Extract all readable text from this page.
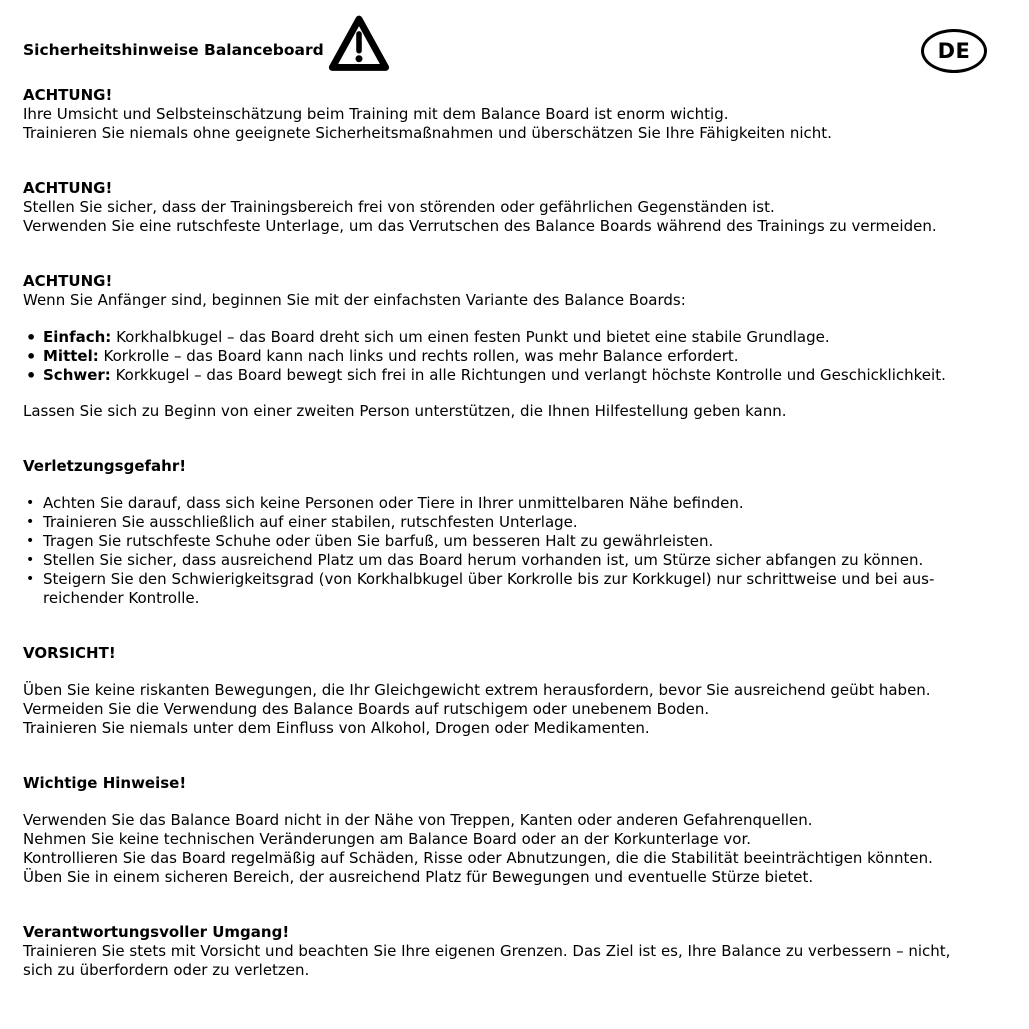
Sicherheitshinweise Balanceboard	DE
ACHTUNG!
Ihre Umsicht und Selbsteinschätzung beim Training mit dem Balance Board ist enorm wichtig.
Trainieren Sie niemals ohne geeignete Sicherheitsmaßnahmen und überschätzen Sie Ihre Fähigkeiten nicht.
ACHTUNG!
Stellen Sie sicher, dass der Trainingsbereich frei von störenden oder gefährlichen Gegenständen ist.
Verwenden Sie eine rutschfeste Unterlage, um das Verrutschen des Balance Boards während des Trainings zu vermeiden.
ACHTUNG!
Wenn Sie Anfänger sind, beginnen Sie mit der einfachsten Variante des Balance Boards:
• Einfach: Korkhalbkugel – das Board dreht sich um einen festen Punkt und bietet eine stabile Grundlage.
• Mittel: Korkrolle – das Board kann nach links und rechts rollen, was mehr Balance erfordert.
• Schwer: Korkkugel – das Board bewegt sich frei in alle Richtungen und verlangt höchste Kontrolle und Geschicklichkeit.
Lassen Sie sich zu Beginn von einer zweiten Person unterstützen, die Ihnen Hilfestellung geben kann.
Verletzungsgefahr!
• Achten Sie darauf, dass sich keine Personen oder Tiere in Ihrer unmittelbaren Nähe befinden.
• Trainieren Sie ausschließlich auf einer stabilen, rutschfesten Unterlage.
• Tragen Sie rutschfeste Schuhe oder üben Sie barfuß, um besseren Halt zu gewährleisten.
• Stellen Sie sicher, dass ausreichend Platz um das Board herum vorhanden ist, um Stürze sicher abfangen zu können.
• Steigern Sie den Schwierigkeitsgrad (von Korkhalbkugel über Korkrolle bis zur Korkkugel) nur schrittweise und bei aus-
reichender Kontrolle.
VORSICHT!
Üben Sie keine riskanten Bewegungen, die Ihr Gleichgewicht extrem herausfordern, bevor Sie ausreichend geübt haben.
Vermeiden Sie die Verwendung des Balance Boards auf rutschigem oder unebenem Boden.
Trainieren Sie niemals unter dem Einfluss von Alkohol, Drogen oder Medikamenten.
Wichtige Hinweise!
Verwenden Sie das Balance Board nicht in der Nähe von Treppen, Kanten oder anderen Gefahrenquellen.
Nehmen Sie keine technischen Veränderungen am Balance Board oder an der Korkunterlage vor.
Kontrollieren Sie das Board regelmäßig auf Schäden, Risse oder Abnutzungen, die die Stabilität beeinträchtigen könnten.
Üben Sie in einem sicheren Bereich, der ausreichend Platz für Bewegungen und eventuelle Stürze bietet.
Verantwortungsvoller Umgang!
Trainieren Sie stets mit Vorsicht und beachten Sie Ihre eigenen Grenzen. Das Ziel ist es, Ihre Balance zu verbessern – nicht,
sich zu überfordern oder zu verletzen.
